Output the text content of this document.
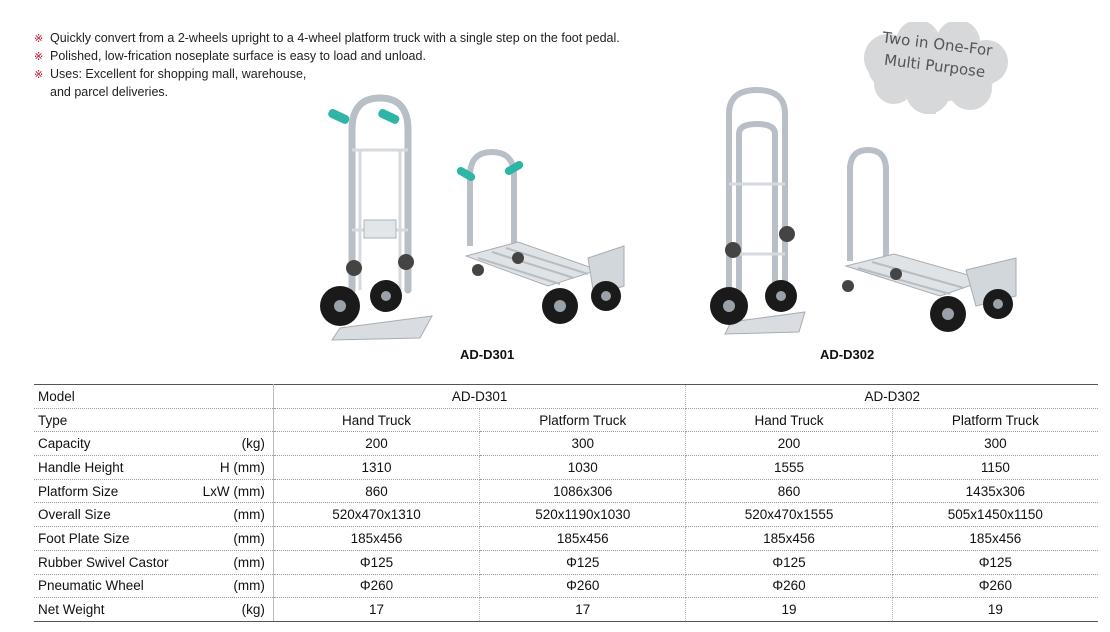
※ Quickly convert from a 2-wheels upright to a 4-wheel platform truck with a single step on the foot pedal.
※ Polished, low-frication noseplate surface is easy to load and unload.
※ Uses: Excellent for shopping mall, warehouse,
and parcel deliveries.
Two in One-For
Multi Purpose
AD-D301	AD-D302
Model	AD-D301		AD-D302	

Type	Hand Truck	Platform Truck	Hand Truck	Platform Truck

Capacity (kg)	200	300	200	300

Handle Height H (mm)	1310	1030	1555	1150

Platform Size LxW (mm)	860	1086x306	860	1435x306

Overall Size (mm)	520x470x1310	520x1190x1030	520x470x1555	505x1450x1150

Foot Plate Size (mm)	185x456	185x456	185x456	185x456

Rubber Swivel Castor (mm)	Φ125	Φ125	Φ125	Φ125

Pneumatic Wheel (mm)	Φ260	Φ260	Φ260	Φ260

Net Weight (kg)	17	17	19	19
